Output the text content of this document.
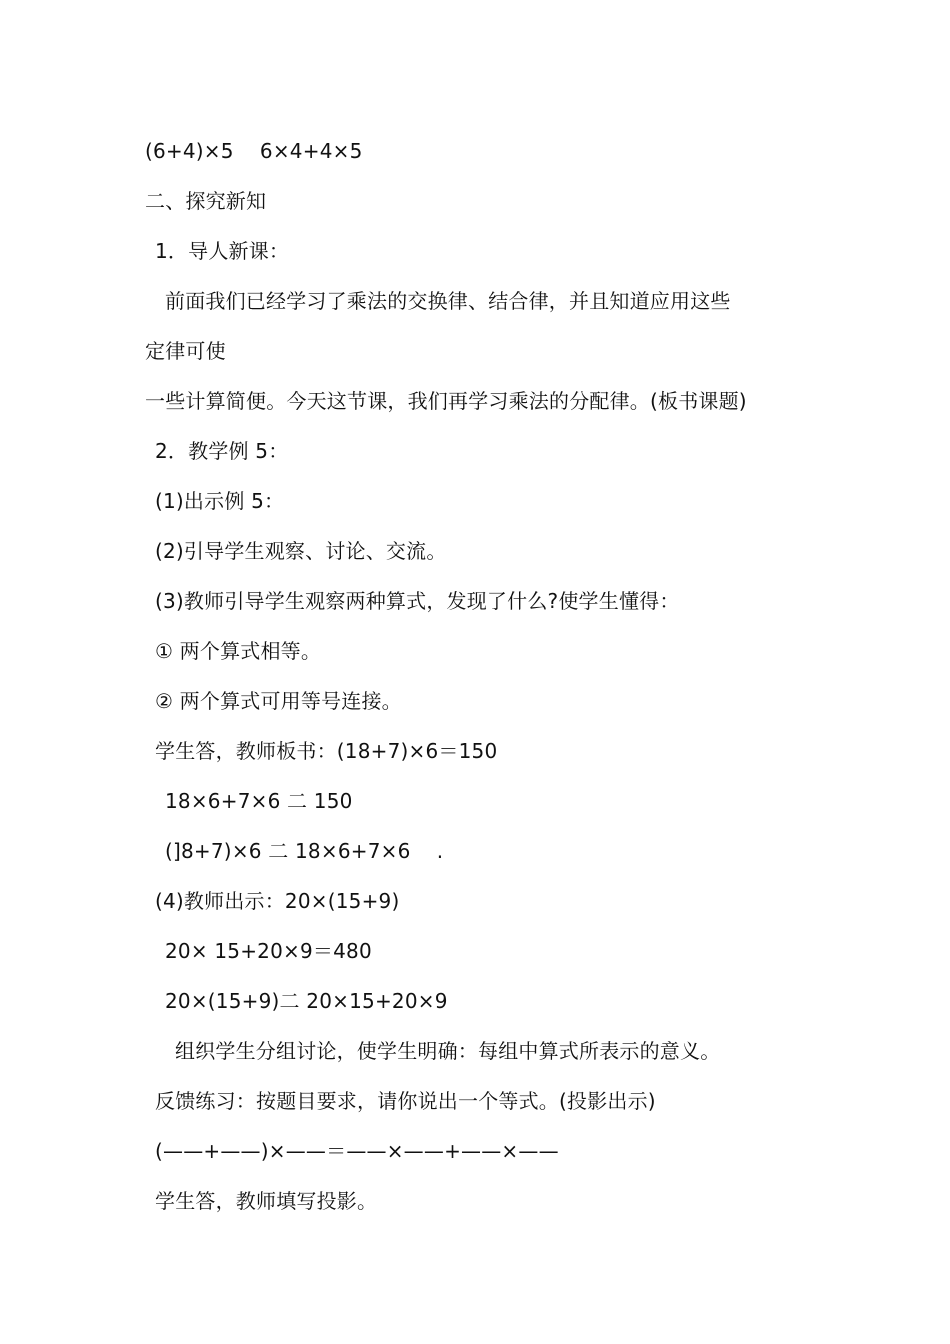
(6+4)×5    6×4+4×5
二、探究新知
1．导人新课：
前面我们已经学习了乘法的交换律、结合律，并且知道应用这些
定律可使
一些计算简便。今天这节课，我们再学习乘法的分配律。(板书课题)
2．教学例 5：
(1)出示例 5：
(2)引导学生观察、讨论、交流。
(3)教师引导学生观察两种算式，发现了什么?使学生懂得：
① 两个算式相等。
② 两个算式可用等号连接。
学生答，教师板书：(18+7)×6＝150
18×6+7×6 二 150
(]8+7)×6 二 18×6+7×6    .
(4)教师出示：20×(15+9)
20× 15+20×9＝480
20×(15+9)二 20×15+20×9
组织学生分组讨论，使学生明确：每组中算式所表示的意义。
反馈练习：按题目要求，请你说出一个等式。(投影出示)
(——+——)×——＝——×——+——×——
学生答，教师填写投影。
